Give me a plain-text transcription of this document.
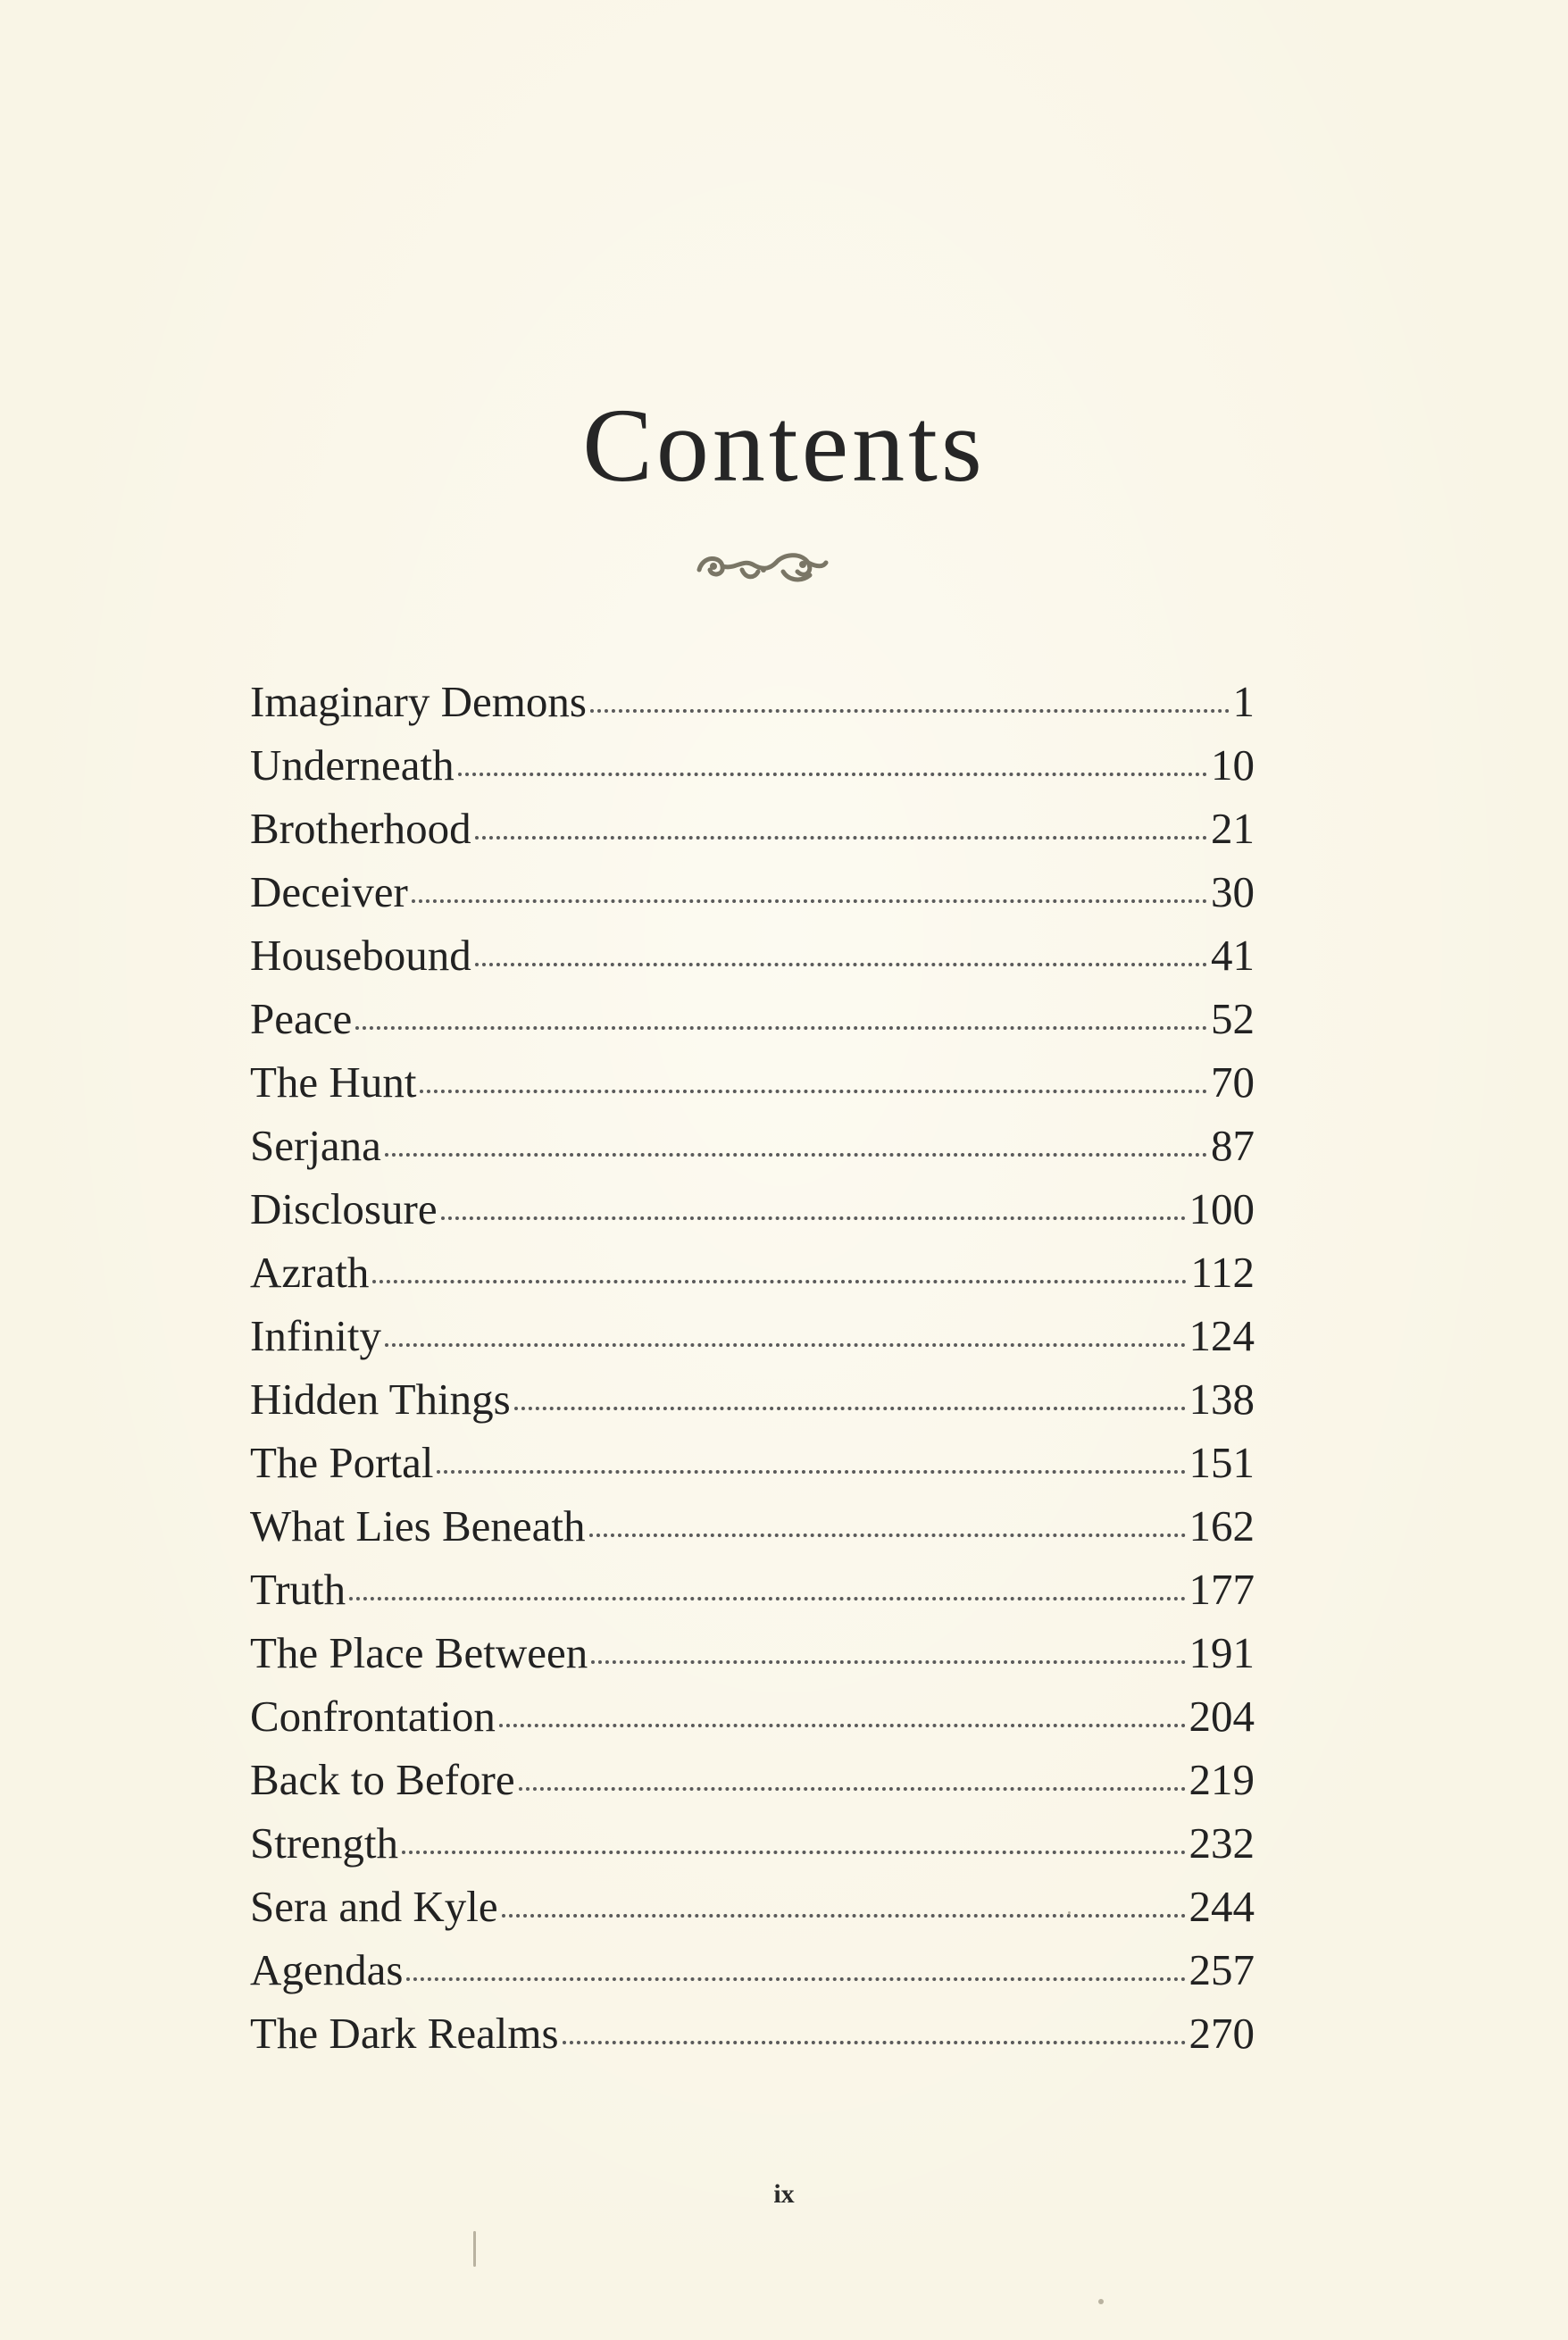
Contents
Imaginary Demons	1
Underneath	10
Brotherhood	21
Deceiver	30
Housebound	41
Peace	52
The Hunt	70
Serjana	87
Disclosure	100
Azrath	112
Infinity	124
Hidden Things	138
The Portal	151
What Lies Beneath	162
Truth	177
The Place Between	191
Confrontation	204
Back to Before	219
Strength	232
Sera and Kyle	244
Agendas	257
The Dark Realms	270
ix
